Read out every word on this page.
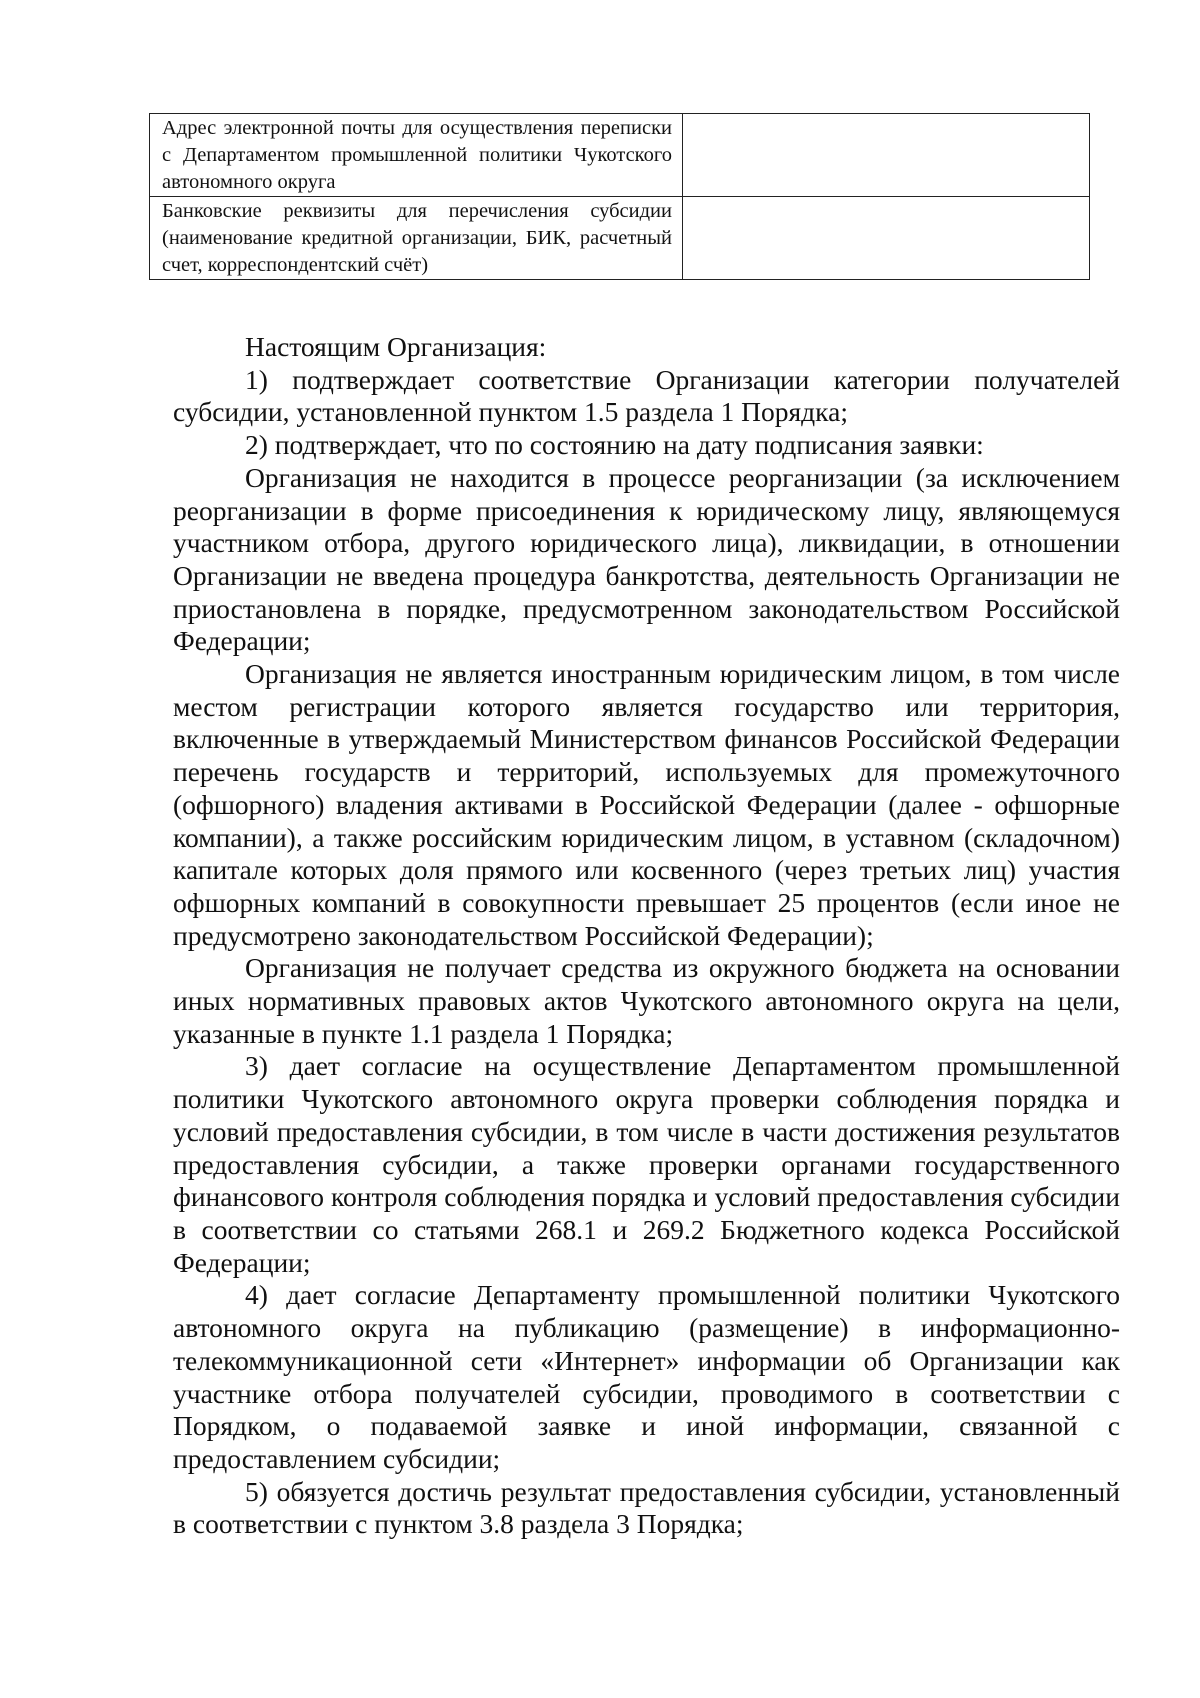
Адрес электронной почты для осуществления переписки с Департаментом промышленной политики Чукотского автономного округа	
Банковские реквизиты для перечисления субсидии (наименование кредитной организации, БИК, расчетный счет, корреспондентский счёт)	

Настоящим Организация:

1) подтверждает соответствие Организации категории получателей субсидии, установленной пунктом 1.5 раздела 1 Порядка;

2) подтверждает, что по состоянию на дату подписания заявки:

Организация не находится в процессе реорганизации (за исключением реорганизации в форме присоединения к юридическому лицу, являющемуся участником отбора, другого юридического лица), ликвидации, в отношении Организации не введена процедура банкротства, деятельность Организации не приостановлена в порядке, предусмотренном законодательством Российской Федерации;

Организация не является иностранным юридическим лицом, в том числе местом регистрации которого является государство или территория, включенные в утверждаемый Министерством финансов Российской Федерации перечень государств и территорий, используемых для промежуточного (офшорного) владения активами в Российской Федерации (далее - офшорные компании), а также российским юридическим лицом, в уставном (складочном) капитале которых доля прямого или косвенного (через третьих лиц) участия офшорных компаний в совокупности превышает 25 процентов (если иное не предусмотрено законодательством Российской Федерации);

Организация не получает средства из окружного бюджета на основании иных нормативных правовых актов Чукотского автономного округа на цели, указанные в пункте 1.1 раздела 1 Порядка;

3) дает согласие на осуществление Департаментом промышленной политики Чукотского автономного округа проверки соблюдения порядка и условий предоставления субсидии, в том числе в части достижения результатов предоставления субсидии, а также проверки органами государственного финансового контроля соблюдения порядка и условий предоставления субсидии в соответствии со статьями 268.1 и 269.2 Бюджетного кодекса Российской Федерации;

4) дает согласие Департаменту промышленной политики Чукотского автономного округа на публикацию (размещение) в информационно-телекоммуникационной сети «Интернет» информации об Организации как участнике отбора получателей субсидии, проводимого в соответствии с Порядком, о подаваемой заявке и иной информации, связанной с предоставлением субсидии;

5) обязуется достичь результат предоставления субсидии, установленный в соответствии с пунктом 3.8 раздела 3 Порядка;
